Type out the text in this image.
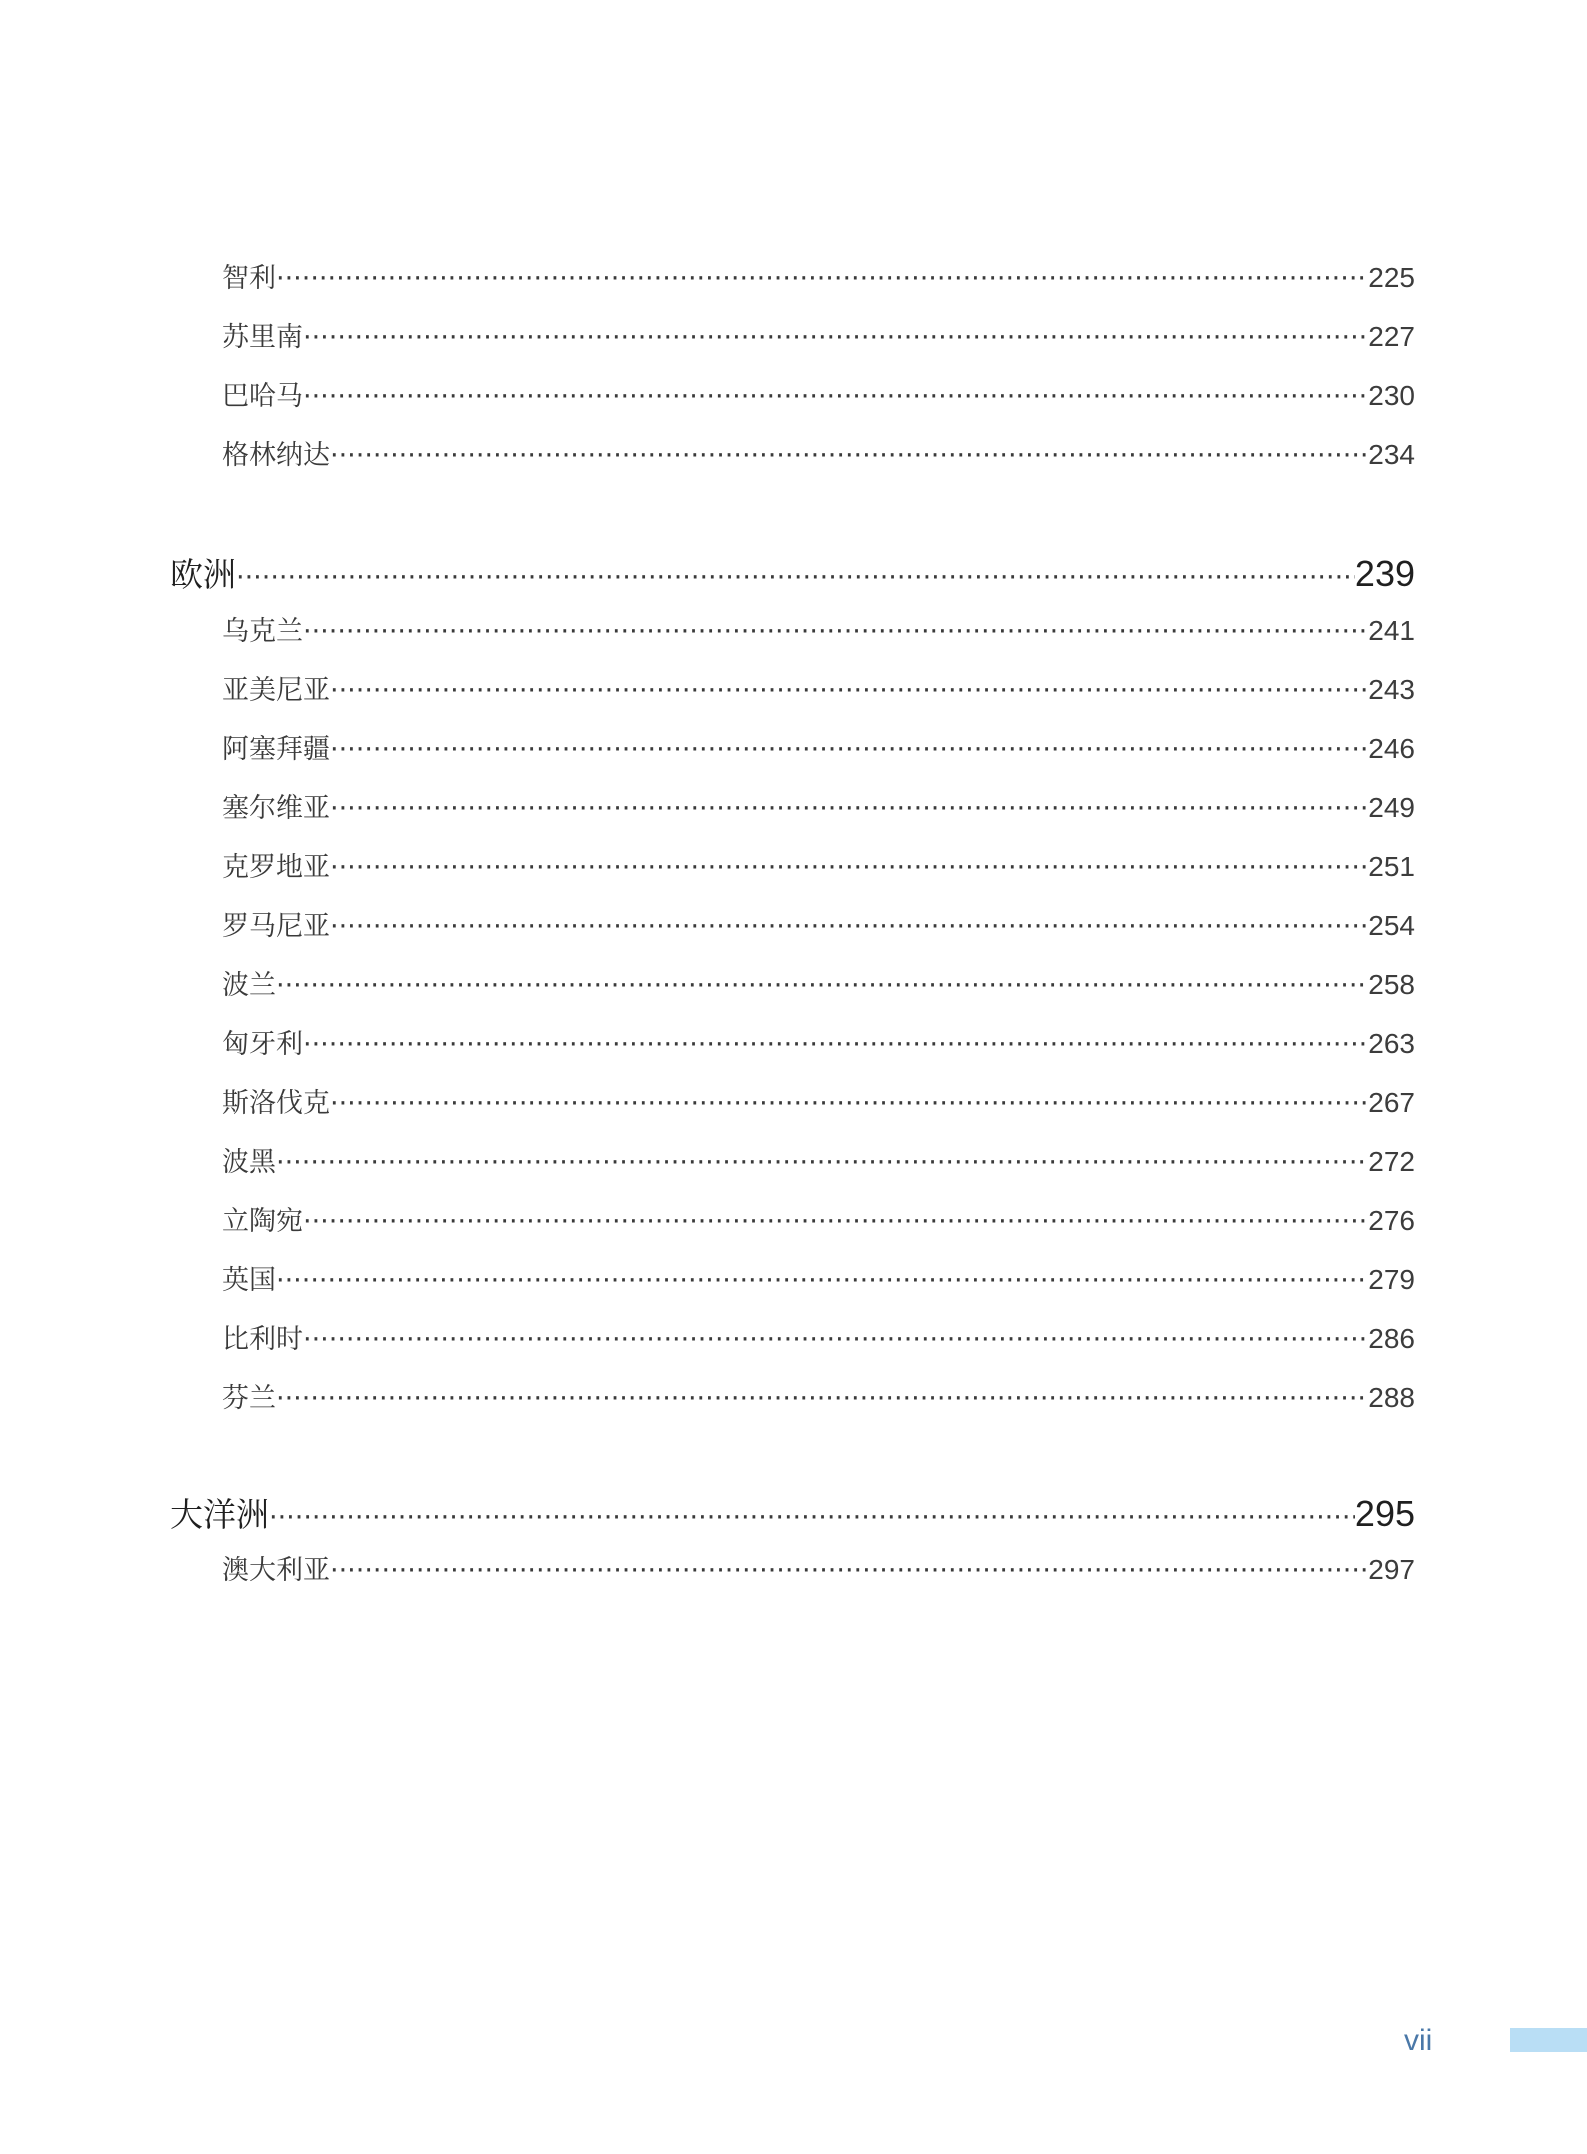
智利 ·····	225
苏里南 ·····	227
巴哈马 ·····	230
格林纳达 ·····	234
欧洲 ·····	239
乌克兰 ·····	241
亚美尼亚 ·····	243
阿塞拜疆 ·····	246
塞尔维亚 ·····	249
克罗地亚 ·····	251
罗马尼亚 ·····	254
波兰 ·····	258
匈牙利 ·····	263
斯洛伐克 ·····	267
波黑 ·····	272
立陶宛 ·····	276
英国 ·····	279
比利时 ·····	286
芬兰 ·····	288
大洋洲 ·····	295
澳大利亚 ·····	297
vii
